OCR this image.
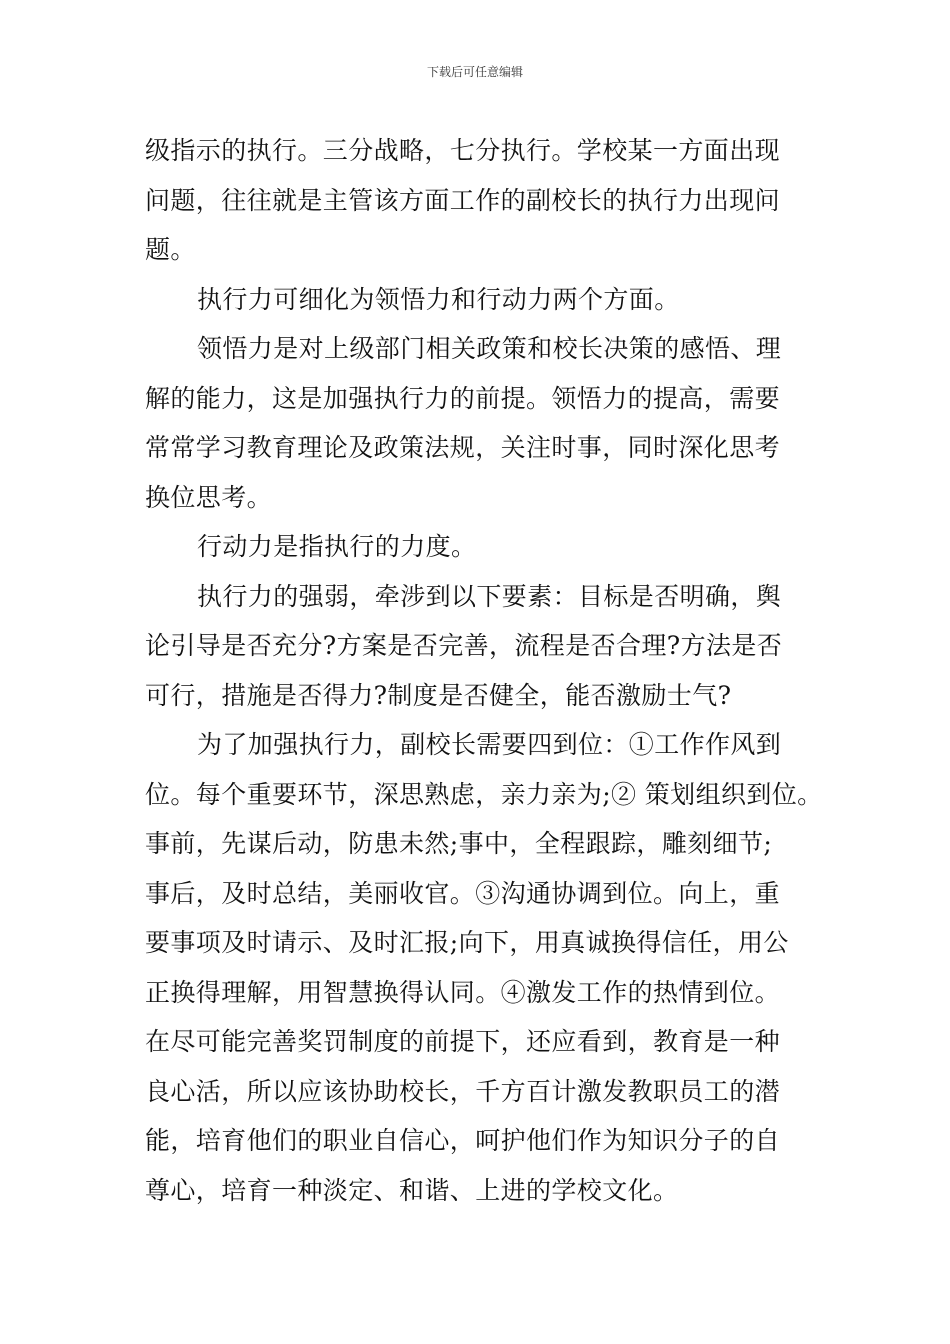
下载后可任意编辑
级指示的执行。三分战略，七分执行。学校某一方面出现
问题，往往就是主管该方面工作的副校长的执行力出现问
题。
执行力可细化为领悟力和行动力两个方面。
领悟力是对上级部门相关政策和校长决策的感悟、理
解的能力，这是加强执行力的前提。领悟力的提高，需要
常常学习教育理论及政策法规，关注时事，同时深化思考
换位思考。
行动力是指执行的力度。
执行力的强弱，牵涉到以下要素：目标是否明确，舆
论引导是否充分?方案是否完善，流程是否合理?方法是否
可行，措施是否得力?制度是否健全，能否激励士气?
为了加强执行力，副校长需要四到位：①工作作风到
位。每个重要环节，深思熟虑，亲力亲为;② 策划组织到位。
事前，先谋后动，防患未然;事中，全程跟踪，雕刻细节;
事后，及时总结，美丽收官。③沟通协调到位。向上，重
要事项及时请示、及时汇报;向下，用真诚换得信任，用公
正换得理解，用智慧换得认同。④激发工作的热情到位。
在尽可能完善奖罚制度的前提下，还应看到，教育是一种
良心活，所以应该协助校长，千方百计激发教职员工的潜
能，培育他们的职业自信心，呵护他们作为知识分子的自
尊心，培育一种淡定、和谐、上进的学校文化。
